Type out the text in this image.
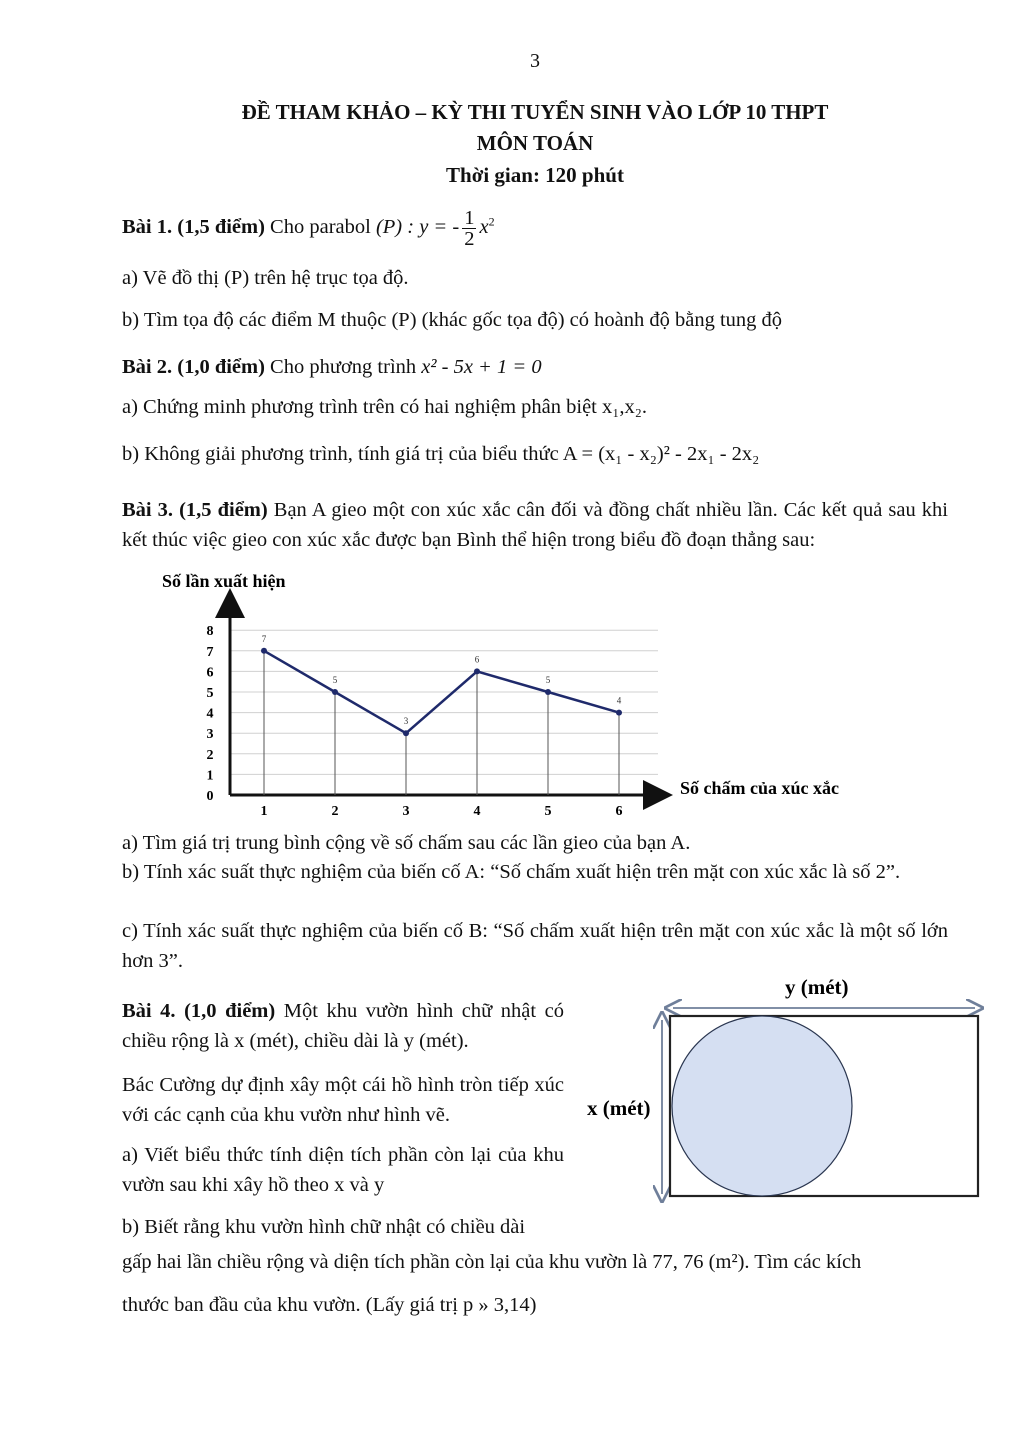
3
ĐỀ THAM KHẢO – KỲ THI TUYỂN SINH VÀO LỚP 10 THPT
MÔN TOÁN
Thời gian: 120 phút
Bài 1. (1,5 điểm) Cho parabol (P) : y = - $\frac{1}{2} x^2$
a) Vẽ đồ thị (P) trên hệ trục tọa độ.
b) Tìm tọa độ các điểm M thuộc (P) (khác gốc tọa độ) có hoành độ bằng tung độ
Bài 2. (1,0 điểm) Cho phương trình x² - 5x + 1 = 0
a) Chứng minh phương trình trên có hai nghiệm phân biệt x₁,x₂.
b) Không giải phương trình, tính giá trị của biểu thức A = (x₁ - x₂)² - 2x₁ - 2x₂
Bài 3. (1,5 điểm) Bạn A gieo một con xúc xắc cân đối và đồng chất nhiều lần. Các kết quả sau khi kết thúc việc gieo con xúc xắc được bạn Bình thể hiện trong biểu đồ đoạn thẳng sau:
Số lần xuất hiện
Số chấm của xúc xắc
0
1
2
3
4
5
6
7
8
1	2	3	4	5	6
7
5
3
6
5
4
a) Tìm giá trị trung bình cộng về số chấm sau các lần gieo của bạn A.
b) Tính xác suất thực nghiệm của biến cố A: “Số chấm xuất hiện trên mặt con xúc xắc là số 2”.
c) Tính xác suất thực nghiệm của biến cố B: “Số chấm xuất hiện trên mặt con xúc xắc là một số lớn hơn 3”.
Bài 4. (1,0 điểm) Một khu vườn hình chữ nhật có chiều rộng là x (mét), chiều dài là y (mét).
Bác Cường dự định xây một cái hồ hình tròn tiếp xúc với các cạnh của khu vườn như hình vẽ.
a) Viết biểu thức tính diện tích phần còn lại của khu vườn sau khi xây hồ theo x và y
b) Biết rằng khu vườn hình chữ nhật có chiều dài
gấp hai lần chiều rộng và diện tích phần còn lại của khu vườn là 77, 76 (m²). Tìm các kích
thước ban đầu của khu vườn. (Lấy giá trị p » 3,14)
y (mét)
x (mét)
